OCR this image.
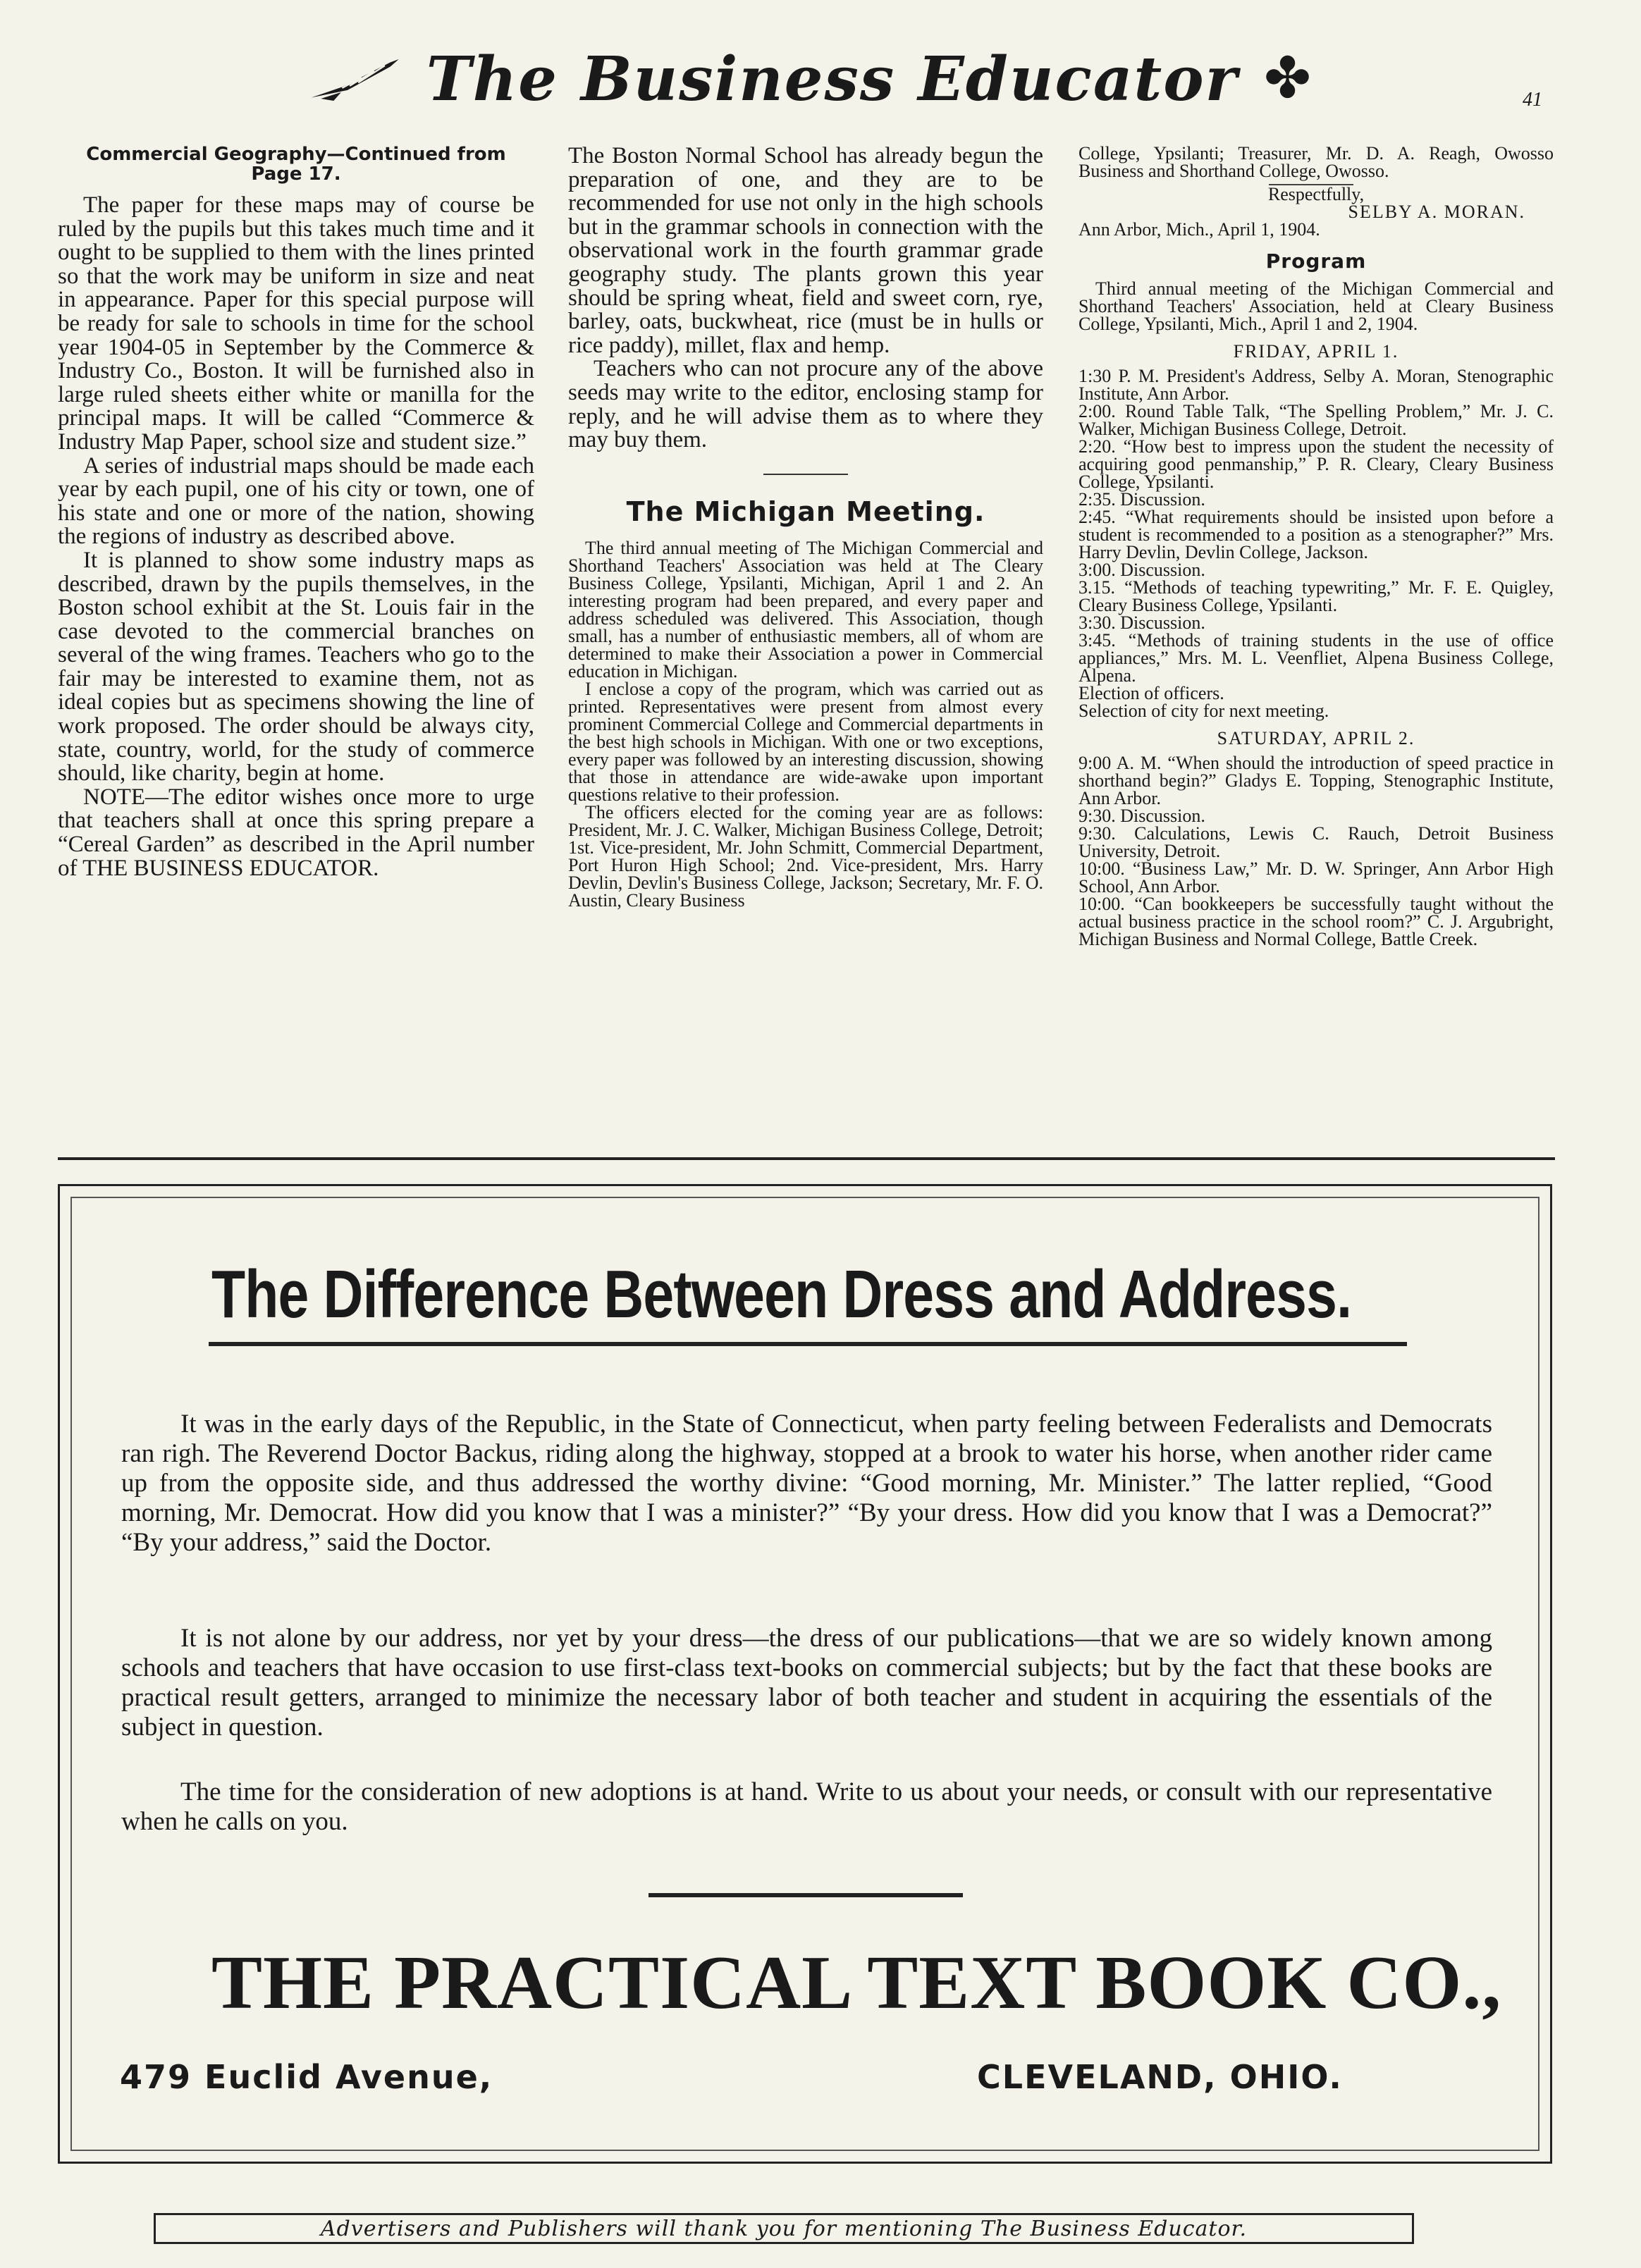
The Business Educator ✤	41
Commercial Geography—Continued from Page 17.

The paper for these maps may of course be ruled by the pupils but this takes much time and it ought to be supplied to them with the lines printed so that the work may be uniform in size and neat in appearance. Paper for this special purpose will be ready for sale to schools in time for the school year 1904-05 in September by the Commerce & Industry Co., Boston. It will be furnished also in large ruled sheets either white or manilla for the principal maps. It will be called “Commerce & Industry Map Paper, school size and student size.”

A series of industrial maps should be made each year by each pupil, one of his city or town, one of his state and one or more of the nation, showing the regions of industry as described above.

It is planned to show some industry maps as described, drawn by the pupils themselves, in the Boston school exhibit at the St. Louis fair in the case devoted to the commercial branches on several of the wing frames. Teachers who go to the fair may be interested to examine them, not as ideal copies but as specimens showing the line of work proposed. The order should be always city, state, country, world, for the study of commerce should, like charity, begin at home.

NOTE—The editor wishes once more to urge that teachers shall at once this spring prepare a “Cereal Garden” as described in the April number of THE BUSINESS EDUCATOR.

The Boston Normal School has already begun the preparation of one, and they are to be recommended for use not only in the high schools but in the grammar schools in connection with the observational work in the fourth grammar grade geography study. The plants grown this year should be spring wheat, field and sweet corn, rye, barley, oats, buckwheat, rice (must be in hulls or rice paddy), millet, flax and hemp.

Teachers who can not procure any of the above seeds may write to the editor, enclosing stamp for reply, and he will advise them as to where they may buy them.

The Michigan Meeting.

The third annual meeting of The Michigan Commercial and Shorthand Teachers' Association was held at The Cleary Business College, Ypsilanti, Michigan, April 1 and 2. An interesting program had been prepared, and every paper and address scheduled was delivered. This Association, though small, has a number of enthusiastic members, all of whom are determined to make their Association a power in Commercial education in Michigan.

I enclose a copy of the program, which was carried out as printed. Representatives were present from almost every prominent Commercial College and Commercial departments in the best high schools in Michigan. With one or two exceptions, every paper was followed by an interesting discussion, showing that those in attendance are wide-awake upon important questions relative to their profession.

The officers elected for the coming year are as follows: President, Mr. J. C. Walker, Michigan Business College, Detroit; 1st. Vice-president, Mr. John Schmitt, Commercial Department, Port Huron High School; 2nd. Vice-president, Mrs. Harry Devlin, Devlin's Business College, Jackson; Secretary, Mr. F. O. Austin, Cleary Business

College, Ypsilanti; Treasurer, Mr. D. A. Reagh, Owosso Business and Shorthand College, Owosso.

Respectfully,
SELBY A. MORAN.
Ann Arbor, Mich., April 1, 1904.
Program

Third annual meeting of the Michigan Commercial and Shorthand Teachers' Association, held at Cleary Business College, Ypsilanti, Mich., April 1 and 2, 1904.

FRIDAY, APRIL 1.

1:30 P. M. President's Address, Selby A. Moran, Stenographic Institute, Ann Arbor.

2:00. Round Table Talk, “The Spelling Problem,” Mr. J. C. Walker, Michigan Business College, Detroit.

2:20. “How best to impress upon the student the necessity of acquiring good penmanship,” P. R. Cleary, Cleary Business College, Ypsilanti.

2:35. Discussion.

2:45. “What requirements should be insisted upon before a student is recommended to a position as a stenographer?” Mrs. Harry Devlin, Devlin College, Jackson.

3:00. Discussion.

3.15. “Methods of teaching typewriting,” Mr. F. E. Quigley, Cleary Business College, Ypsilanti.

3:30. Discussion.

3:45. “Methods of training students in the use of office appliances,” Mrs. M. L. Veenfliet, Alpena Business College, Alpena.

Election of officers.

Selection of city for next meeting.

SATURDAY, APRIL 2.

9:00 A. M. “When should the introduction of speed practice in shorthand begin?” Gladys E. Topping, Stenographic Institute, Ann Arbor.

9:30. Discussion.

9:30. Calculations, Lewis C. Rauch, Detroit Business University, Detroit.

10:00. “Business Law,” Mr. D. W. Springer, Ann Arbor High School, Ann Arbor.

10:00. “Can bookkeepers be successfully taught without the actual business practice in the school room?” C. J. Argubright, Michigan Business and Normal College, Battle Creek.

The Difference Between Dress and Address.

It was in the early days of the Republic, in the State of Connecticut, when party feeling between Federalists and Democrats ran righ. The Reverend Doctor Backus, riding along the highway, stopped at a brook to water his horse, when another rider came up from the opposite side, and thus addressed the worthy divine: “Good morning, Mr. Minister.” The latter replied, “Good morning, Mr. Democrat. How did you know that I was a minister?” “By your dress. How did you know that I was a Democrat?” “By your address,” said the Doctor.

It is not alone by our address, nor yet by your dress—the dress of our publications—that we are so widely known among schools and teachers that have occasion to use first-class text-books on commercial subjects; but by the fact that these books are practical result getters, arranged to minimize the necessary labor of both teacher and student in acquiring the essentials of the subject in question.

The time for the consideration of new adoptions is at hand. Write to us about your needs, or consult with our representative when he calls on you.

THE PRACTICAL TEXT BOOK CO.,
479 Euclid Avenue,	CLEVELAND, OHIO.
Advertisers and Publishers will thank you for mentioning The Business Educator.
